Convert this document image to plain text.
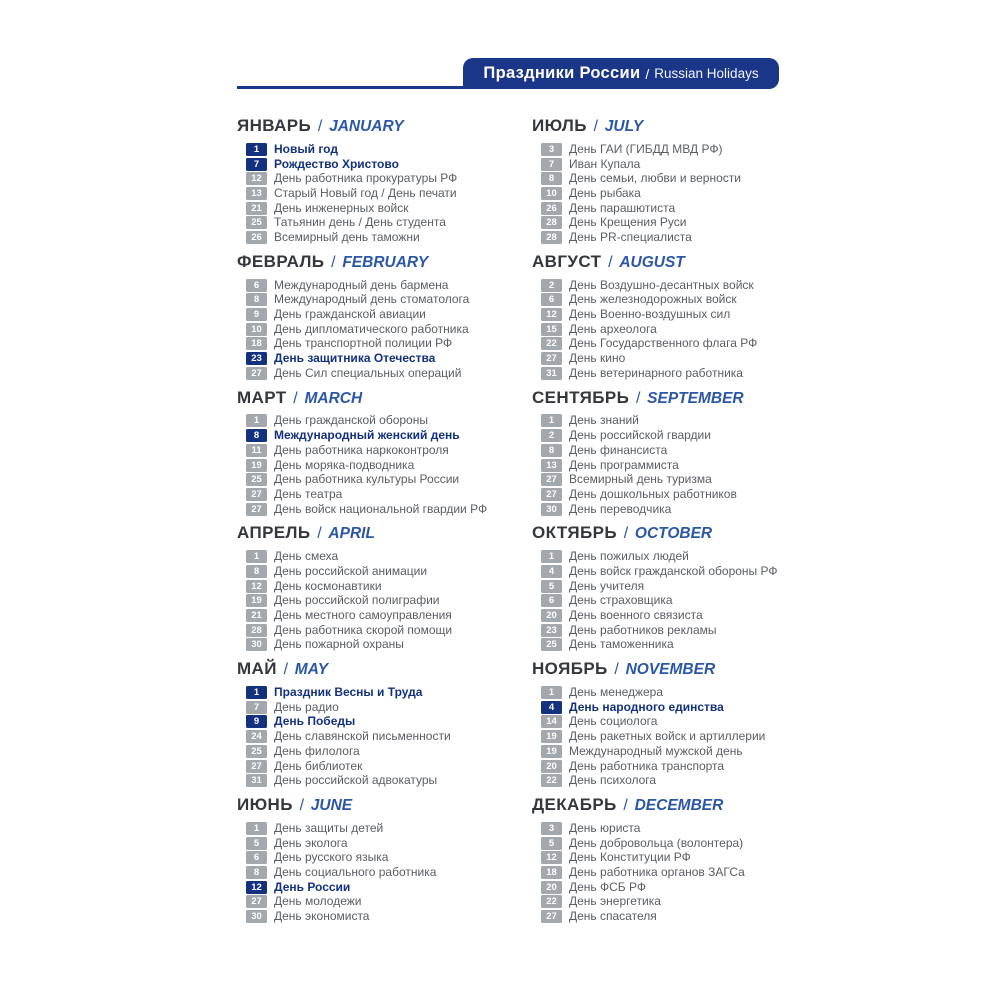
Праздники России / Russian Holidays
ЯНВАРЬ / JANUARY
1	Новый год
7	Рождество Христово
12	День работника прокуратуры РФ
13	Старый Новый год / День печати
21	День инженерных войск
25	Татьянин день / День студента
26	Всемирный день таможни
ФЕВРАЛЬ / FEBRUARY
6	Международный день бармена
8	Международный день стоматолога
9	День гражданской авиации
10	День дипломатического работника
18	День транспортной полиции РФ
23	День защитника Отечества
27	День Сил специальных операций
МАРТ / MARCH
1	День гражданской обороны
8	Международный женский день
11	День работника наркоконтроля
19	День моряка-подводника
25	День работника культуры России
27	День театра
27	День войск национальной гвардии РФ
АПРЕЛЬ / APRIL
1	День смеха
8	День российской анимации
12	День космонавтики
19	День российской полиграфии
21	День местного самоуправления
28	День работника скорой помощи
30	День пожарной охраны
МАЙ / MAY
1	Праздник Весны и Труда
7	День радио
9	День Победы
24	День славянской письменности
25	День филолога
27	День библиотек
31	День российской адвокатуры
ИЮНЬ / JUNE
1	День защиты детей
5	День эколога
6	День русского языка
8	День социального работника
12	День России
27	День молодежи
30	День экономиста
ИЮЛЬ / JULY
3	День ГАИ (ГИБДД МВД РФ)
7	Иван Купала
8	День семьи, любви и верности
10	День рыбака
26	День парашютиста
28	День Крещения Руси
28	День PR-специалиста
АВГУСТ / AUGUST
2	День Воздушно-десантных войск
6	День железнодорожных войск
12	День Военно-воздушных сил
15	День археолога
22	День Государственного флага РФ
27	День кино
31	День ветеринарного работника
СЕНТЯБРЬ / SEPTEMBER
1	День знаний
2	День российской гвардии
8	День финансиста
13	День программиста
27	Всемирный день туризма
27	День дошкольных работников
30	День переводчика
ОКТЯБРЬ / OCTOBER
1	День пожилых людей
4	День войск гражданской обороны РФ
5	День учителя
6	День страховщика
20	День военного связиста
23	День работников рекламы
25	День таможенника
НОЯБРЬ / NOVEMBER
1	День менеджера
4	День народного единства
14	День социолога
19	День ракетных войск и артиллерии
19	Международный мужской день
20	День работника транспорта
22	День психолога
ДЕКАБРЬ / DECEMBER
3	День юриста
5	День добровольца (волонтера)
12	День Конституции РФ
18	День работника органов ЗАГСа
20	День ФСБ РФ
22	День энергетика
27	День спасателя
